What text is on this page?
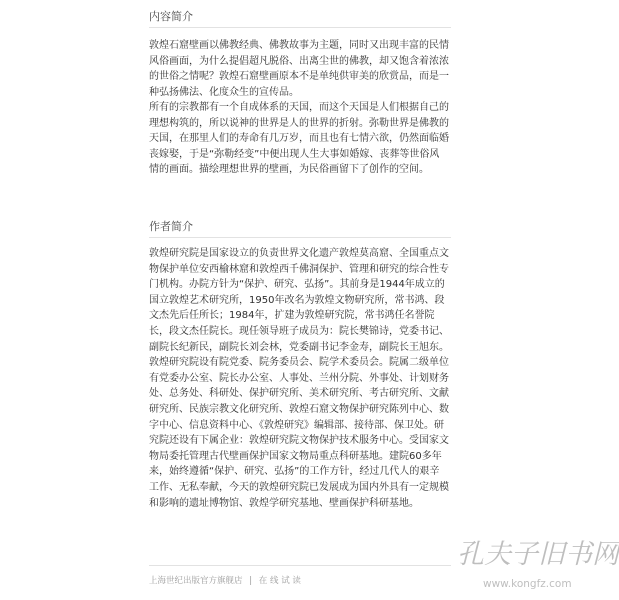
内容简介

敦煌石窟壁画以佛教经典、佛教故事为主题，同时又出现丰富的民情风俗画面，为什么提倡超凡脱俗、出离尘世的佛教，却又饱含着浓浓的世俗之情呢？敦煌石窟壁画原本不是单纯供审美的欣赏品，而是一种弘扬佛法、化度众生的宣传品。

所有的宗教都有一个自成体系的天国，而这个天国是人们根据自己的理想构筑的，所以说神的世界是人的世界的折射。弥勒世界是佛教的天国，在那里人们的寿命有几万岁，而且也有七情六欲，仍然面临婚丧嫁娶，于是“弥勒经变”中便出现人生大事如婚嫁、丧葬等世俗风情的画面。描绘理想世界的壁画，为民俗画留下了创作的空间。

作者简介

敦煌研究院是国家设立的负责世界文化遗产敦煌莫高窟、全国重点文物保护单位安西榆林窟和敦煌西千佛洞保护、管理和研究的综合性专门机构。办院方针为“保护、研究、弘扬”。其前身是1944年成立的国立敦煌艺术研究所，1950年改名为敦煌文物研究所，常书鸿、段文杰先后任所长；1984年，扩建为敦煌研究院，常书鸿任名誉院长，段文杰任院长。现任领导班子成员为：院长樊锦诗，党委书记、副院长纪新民，副院长刘会林，党委副书记李金寿，副院长王旭东。敦煌研究院设有院党委、院务委员会、院学术委员会。院属二级单位有党委办公室、院长办公室、人事处、兰州分院、外事处、计划财务处、总务处、科研处、保护研究所、美术研究所、考古研究所、文献研究所、民族宗教文化研究所、敦煌石窟文物保护研究陈列中心、数字中心、信息资料中心、《敦煌研究》编辑部、接待部、保卫处。研究院还设有下属企业：敦煌研究院文物保护技术服务中心。受国家文物局委托管理古代壁画保护国家文物局重点科研基地。建院60多年来，始终遵循“保护、研究、弘扬”的工作方针，经过几代人的艰辛工作、无私奉献，今天的敦煌研究院已发展成为国内外具有一定规模和影响的遗址博物馆、敦煌学研究基地、壁画保护科研基地。

上海世纪出版官方旗舰店 | 在 线 试 读
孔夫子旧书网
www.kongfz.com
